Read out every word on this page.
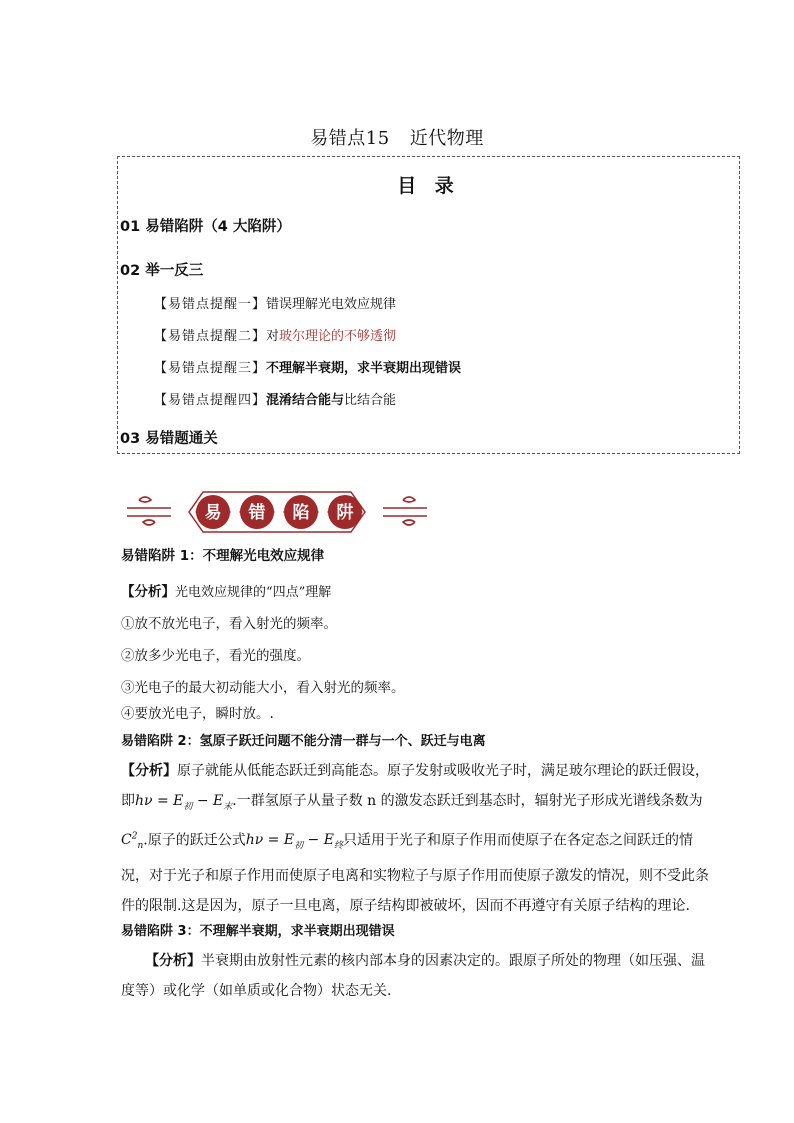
易错点15 近代物理
目 录
01 易错陷阱（4 大陷阱）
02 举一反三
【易错点提醒一】错误理解光电效应规律
【易错点提醒二】对玻尔理论的不够透彻
【易错点提醒三】不理解半衰期，求半衰期出现错误
【易错点提醒四】混淆结合能与比结合能
03 易错题通关
易 错 陷 阱
易错陷阱 1：不理解光电效应规律
【分析】光电效应规律的“四点”理解
①放不放光电子，看入射光的频率。
②放多少光电子，看光的强度。
③光电子的最大初动能大小，看入射光的频率。
④要放光电子，瞬时放。.
易错陷阱 2：氢原子跃迁问题不能分清一群与一个、跃迁与电离
【分析】原子就能从低能态跃迁到高能态。原子发射或吸收光子时，满足玻尔理论的跃迁假设，
即$h\nu = E_初 - E_末$.一群氢原子从量子数 n 的激发态跃迁到基态时，辐射光子形成光谱线条数为
$C^2_n$.原子的跃迁公式$h\nu = E_初 - E_终$只适用于光子和原子作用而使原子在各定态之间跃迁的情
况，对于光子和原子作用而使原子电离和实物粒子与原子作用而使原子激发的情况，则不受此条
件的限制.这是因为，原子一旦电离，原子结构即被破坏，因而不再遵守有关原子结构的理论.
易错陷阱 3：不理解半衰期，求半衰期出现错误
【分析】半衰期由放射性元素的核内部本身的因素决定的。跟原子所处的物理（如压强、温
度等）或化学（如单质或化合物）状态无关.
